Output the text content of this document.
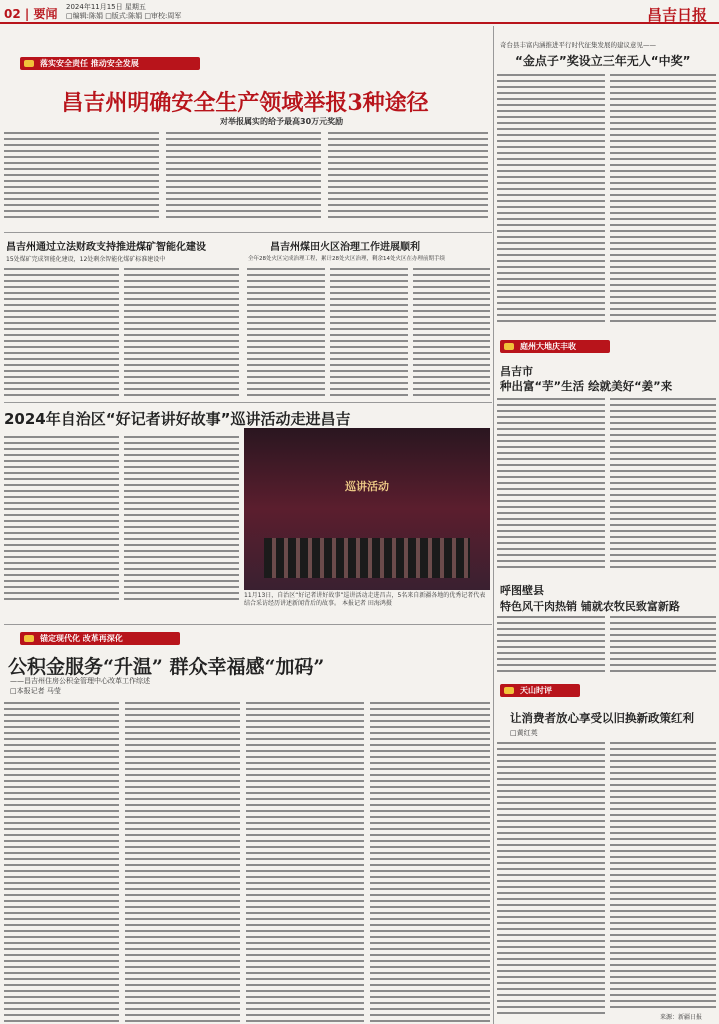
02 | 要闻 2024年11月15日 星期五
□编辑:陈娟 □版式:陈娟 □审校:周军	昌吉日报
落实安全责任 推动安全发展
昌吉州明确安全生产领域举报3种途径
对举报属实的给予最高30万元奖励
昌吉州通过立法财政支持推进煤矿智能化建设
15处煤矿完成智能化建设，12处剩余智能化煤矿标准建设中
昌吉州煤田火区治理工作进展顺利
全年28处火区完成治理工程，累计28处火区治理，剩余14处火区在办理前期手续
2024年自治区“好记者讲好故事”巡讲活动走进昌吉
巡讲活动
11月13日，自治区“好记者讲好故事”巡讲活动走进昌吉，5名来自新疆各地的优秀记者代表结合采访经历讲述新闻背后的故事。 本报记者 田海鸿摄
锚定现代化 改革再深化
公积金服务“升温” 群众幸福感“加码”
——昌吉州住房公积金管理中心改革工作综述
□本报记者 马莹
奇台县丰富内涵推进平行时代征集发展的建议意见——
“金点子”奖设立三年无人“中奖”
庭州大地庆丰收
昌吉市
种出富“芋”生活 绘就美好“姜”来
呼图壁县
特色风干肉热销 铺就农牧民致富新路
天山时评
让消费者放心享受以旧换新政策红利
□黄红英
来源：新疆日报
